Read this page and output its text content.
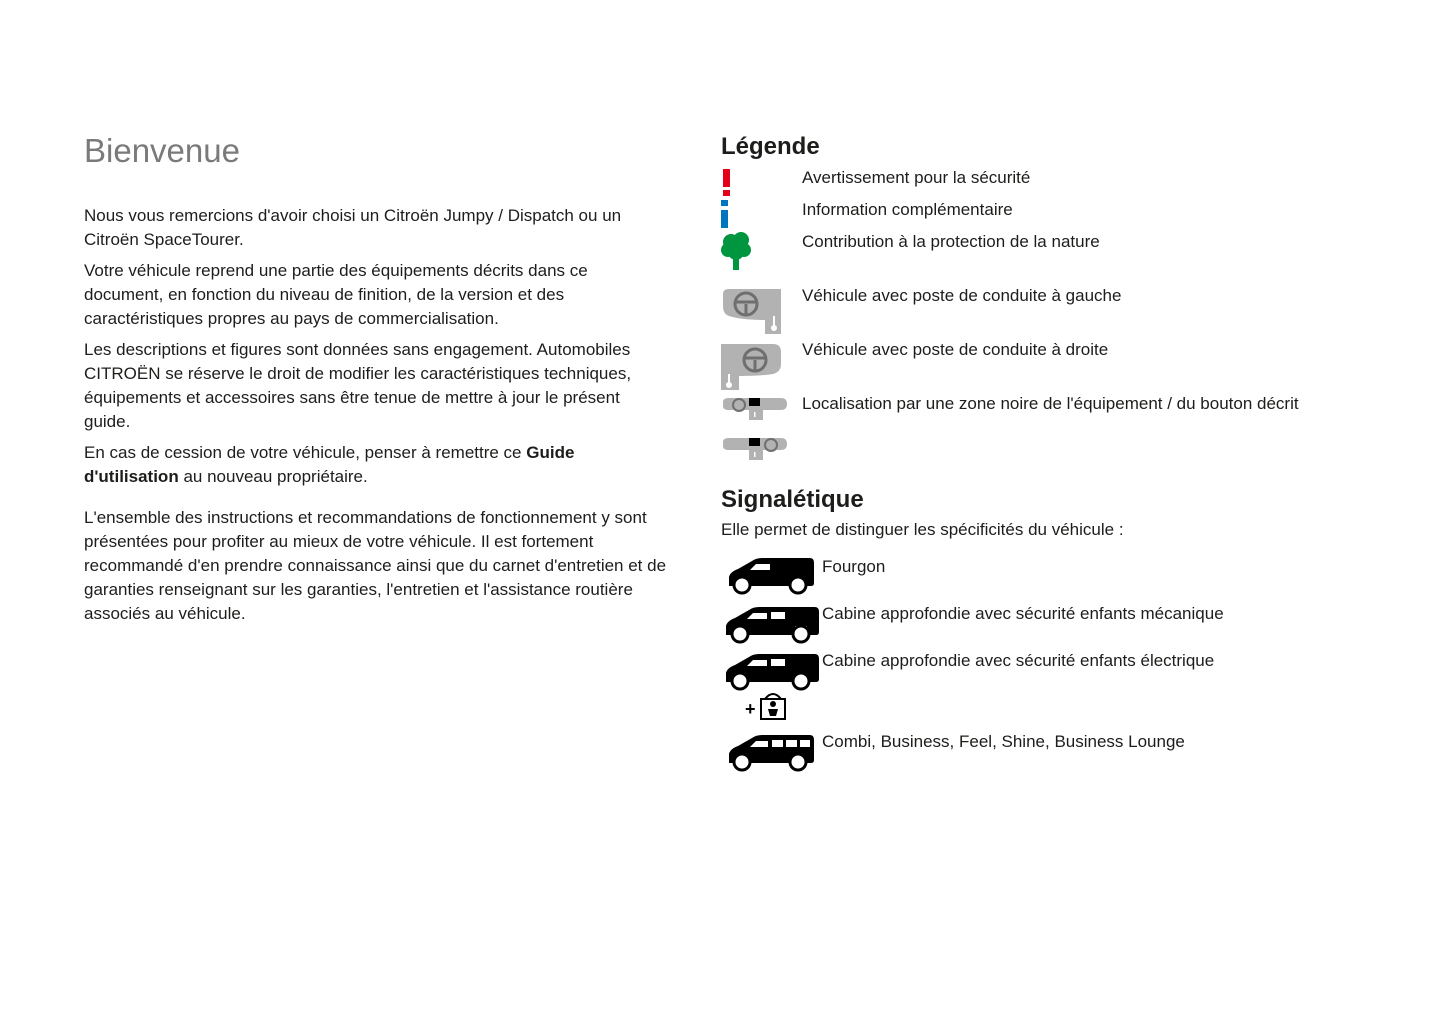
Bienvenue

Nous vous remercions d'avoir choisi un Citroën Jumpy / Dispatch ou un Citroën SpaceTourer.

Votre véhicule reprend une partie des équipements décrits dans ce document, en fonction du niveau de finition, de la version et des caractéristiques propres au pays de commercialisation.

Les descriptions et figures sont données sans engagement. Automobiles CITROËN se réserve le droit de modifier les caractéristiques techniques, équipements et accessoires sans être tenue de mettre à jour le présent guide.

En cas de cession de votre véhicule, penser à remettre ce Guide d'utilisation au nouveau propriétaire.

L'ensemble des instructions et recommandations de fonctionnement y sont présentées pour profiter au mieux de votre véhicule. Il est fortement recommandé d'en prendre connaissance ainsi que du carnet d'entretien et de garanties renseignant sur les garanties, l'entretien et l'assistance routière associés au véhicule.

Légende
Avertissement pour la sécurité
Information complémentaire
Contribution à la protection de la nature
Véhicule avec poste de conduite à gauche
Véhicule avec poste de conduite à droite
Localisation par une zone noire de l'équipement / du bouton décrit
Signalétique
Elle permet de distinguer les spécificités du véhicule :
Fourgon
Cabine approfondie avec sécurité enfants mécanique
+
Cabine approfondie avec sécurité enfants électrique
Combi, Business, Feel, Shine, Business Lounge
